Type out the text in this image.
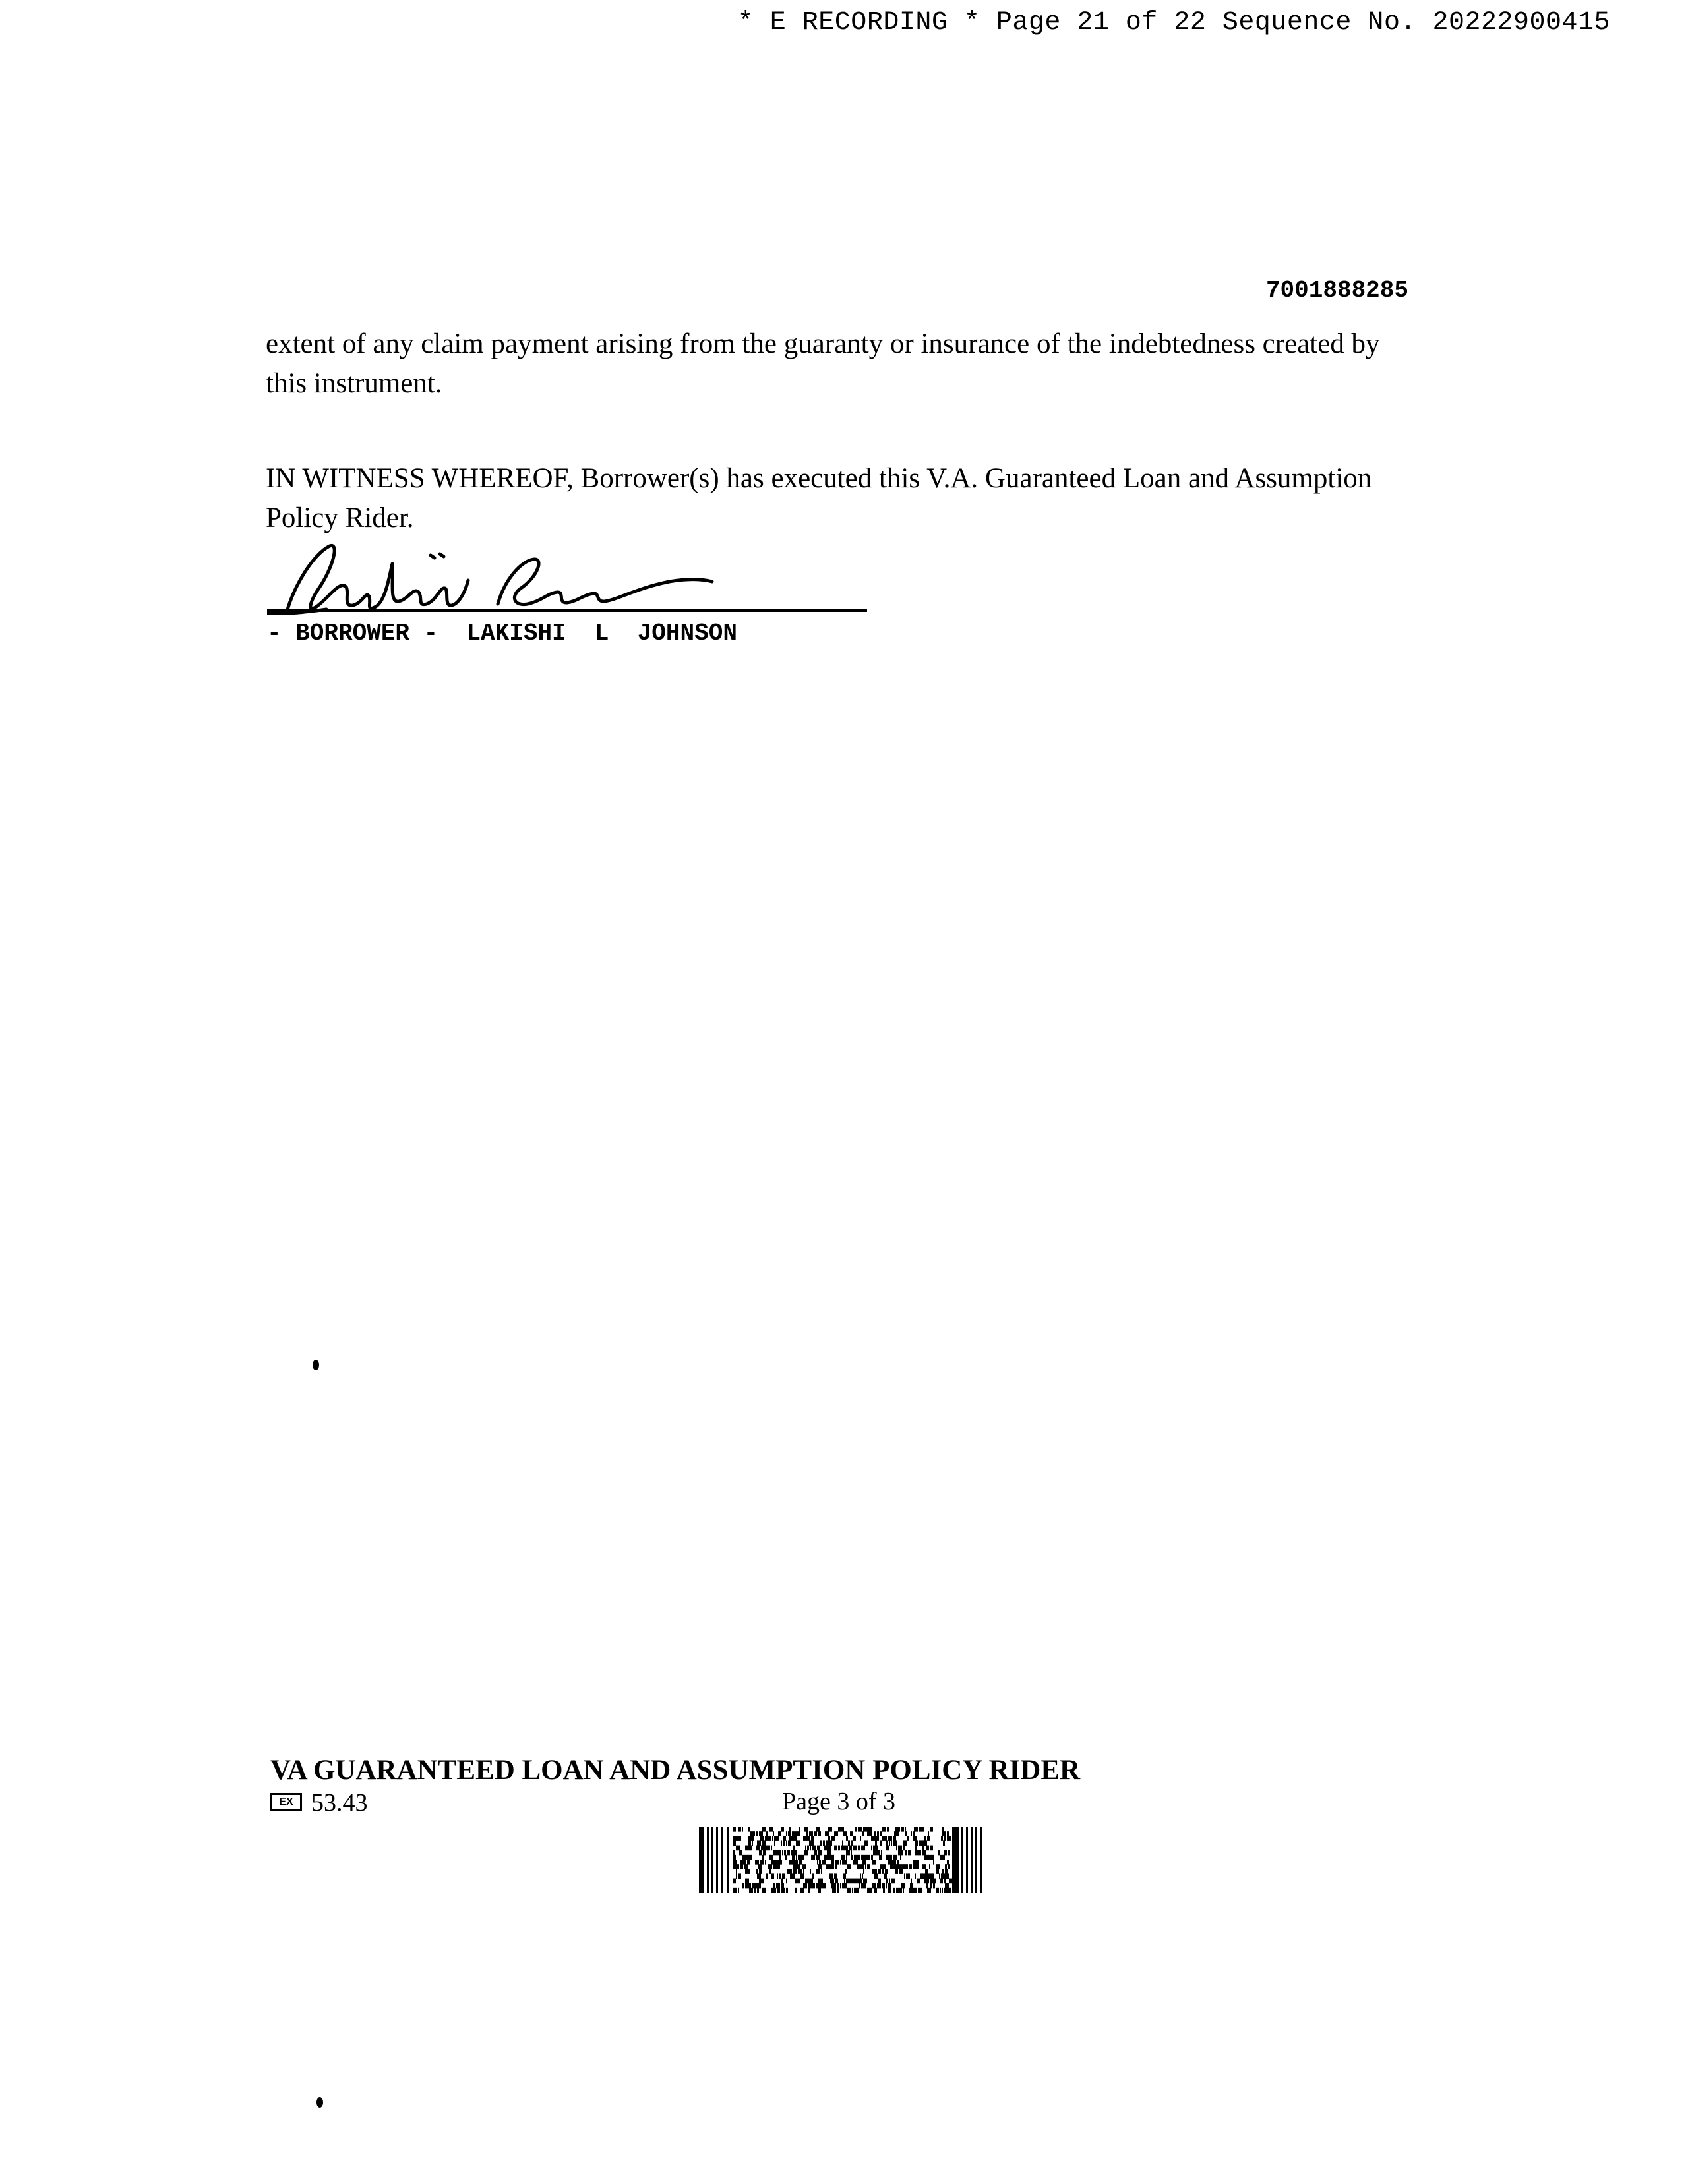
* E RECORDING * Page 21 of 22 Sequence No. 20222900415
7001888285
extent of any claim payment arising from the guaranty or insurance of the indebtedness created by this instrument.
IN WITNESS WHEREOF, Borrower(s) has executed this V.A. Guaranteed Loan and Assumption Policy Rider.
- BORROWER -  LAKISHI  L  JOHNSON
VA GUARANTEED LOAN AND ASSUMPTION POLICY RIDER
EX 53.43	Page 3 of 3
